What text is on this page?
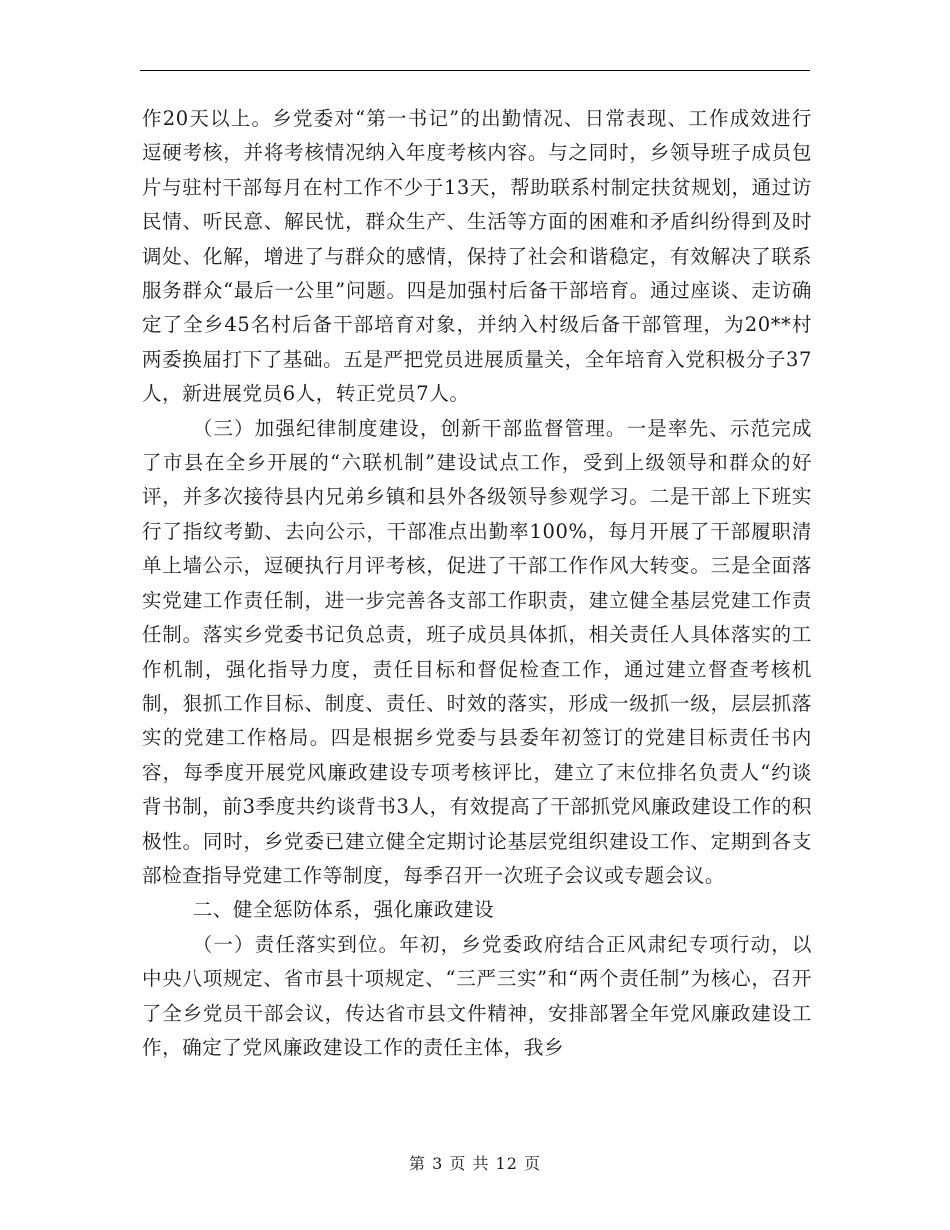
作20天以上。乡党委对“第一书记”的出勤情况、日常表现、工作成效进行逗硬考核，并将考核情况纳入年度考核内容。与之同时，乡领导班子成员包片与驻村干部每月在村工作不少于13天，帮助联系村制定扶贫规划，通过访民情、听民意、解民忧，群众生产、生活等方面的困难和矛盾纠纷得到及时调处、化解，增进了与群众的感情，保持了社会和谐稳定，有效解决了联系服务群众“最后一公里”问题。四是加强村后备干部培育。通过座谈、走访确定了全乡45名村后备干部培育对象，并纳入村级后备干部管理，为20**村两委换届打下了基础。五是严把党员进展质量关，全年培育入党积极分子37人，新进展党员6人，转正党员7人。

（三）加强纪律制度建设，创新干部监督管理。一是率先、示范完成了市县在全乡开展的“六联机制”建设试点工作，受到上级领导和群众的好评，并多次接待县内兄弟乡镇和县外各级领导参观学习。二是干部上下班实行了指纹考勤、去向公示，干部准点出勤率100%，每月开展了干部履职清单上墙公示，逗硬执行月评考核，促进了干部工作作风大转变。三是全面落实党建工作责任制，进一步完善各支部工作职责，建立健全基层党建工作责任制。落实乡党委书记负总责，班子成员具体抓，相关责任人具体落实的工作机制，强化指导力度，责任目标和督促检查工作，通过建立督查考核机制，狠抓工作目标、制度、责任、时效的落实，形成一级抓一级，层层抓落实的党建工作格局。四是根据乡党委与县委年初签订的党建目标责任书内容，每季度开展党风廉政建设专项考核评比，建立了末位排名负责人“约谈背书制，前3季度共约谈背书3人，有效提高了干部抓党风廉政建设工作的积极性。同时，乡党委已建立健全定期讨论基层党组织建设工作、定期到各支部检查指导党建工作等制度，每季召开一次班子会议或专题会议。

二、健全惩防体系，强化廉政建设

（一）责任落实到位。年初，乡党委政府结合正风肃纪专项行动，以中央八项规定、省市县十项规定、“三严三实”和“两个责任制”为核心，召开了全乡党员干部会议，传达省市县文件精神，安排部署全年党风廉政建设工作，确定了党风廉政建设工作的责任主体，我乡

第 3 页 共 12 页
